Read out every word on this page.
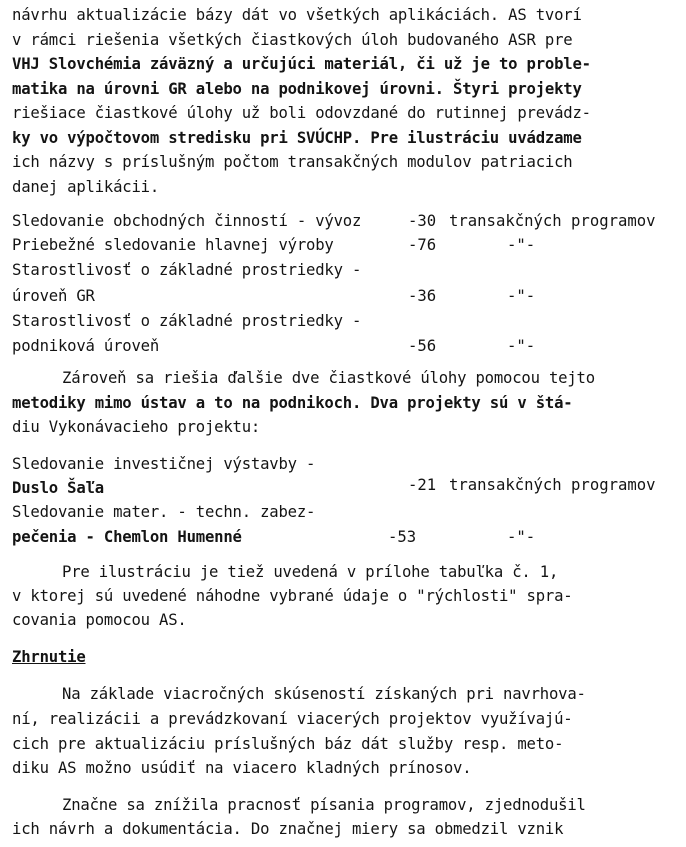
návrhu aktualizácie bázy dát vo všetkých aplikáciách. AS tvorí
v rámci riešenia všetkých čiastkových úloh budovaného ASR pre
VHJ Slovchémia záväzný a určujúci materiál, či už je to proble-
matika na úrovni GR alebo na podnikovej úrovni. Štyri projekty
riešiace čiastkové úlohy už boli odovzdané do rutinnej prevádz-
ky vo výpočtovom stredisku pri SVÚCHP. Pre ilustráciu uvádzame
ich názvy s príslušným počtom transakčných modulov patriacich
danej aplikácii.
Sledovanie obchodných činností - vývoz	-30 transakčných programov
Priebežné sledovanie hlavnej výroby	-76	-"-
Starostlivosť o základné prostriedky -
úroveň GR	-36	-"-
Starostlivosť o základné prostriedky -
podniková úroveň	-56	-"-
Zároveň sa riešia ďalšie dve čiastkové úlohy pomocou tejto
metodiky mimo ústav a to na podnikoch. Dva projekty sú v štá-
diu Vykonávacieho projektu:
Sledovanie investičnej výstavby -
Duslo Šaľa	-21 transakčných programov
Sledovanie mater. - techn. zabez-
pečenia - Chemlon Humenné	-53	-"-
Pre ilustráciu je tiež uvedená v prílohe tabuľka č. 1,
v ktorej sú uvedené náhodne vybrané údaje o "rýchlosti" spra-
covania pomocou AS.
Zhrnutie
Na základe viacročných skúseností získaných pri navrhova-
ní, realizácii a prevádzkovaní viacerých projektov využívajú-
cich pre aktualizáciu príslušných báz dát služby resp. meto-
diku AS možno usúdiť na viacero kladných prínosov.
Značne sa znížila pracnosť písania programov, zjednodušil
ich návrh a dokumentácia. Do značnej miery sa obmedzil vznik
